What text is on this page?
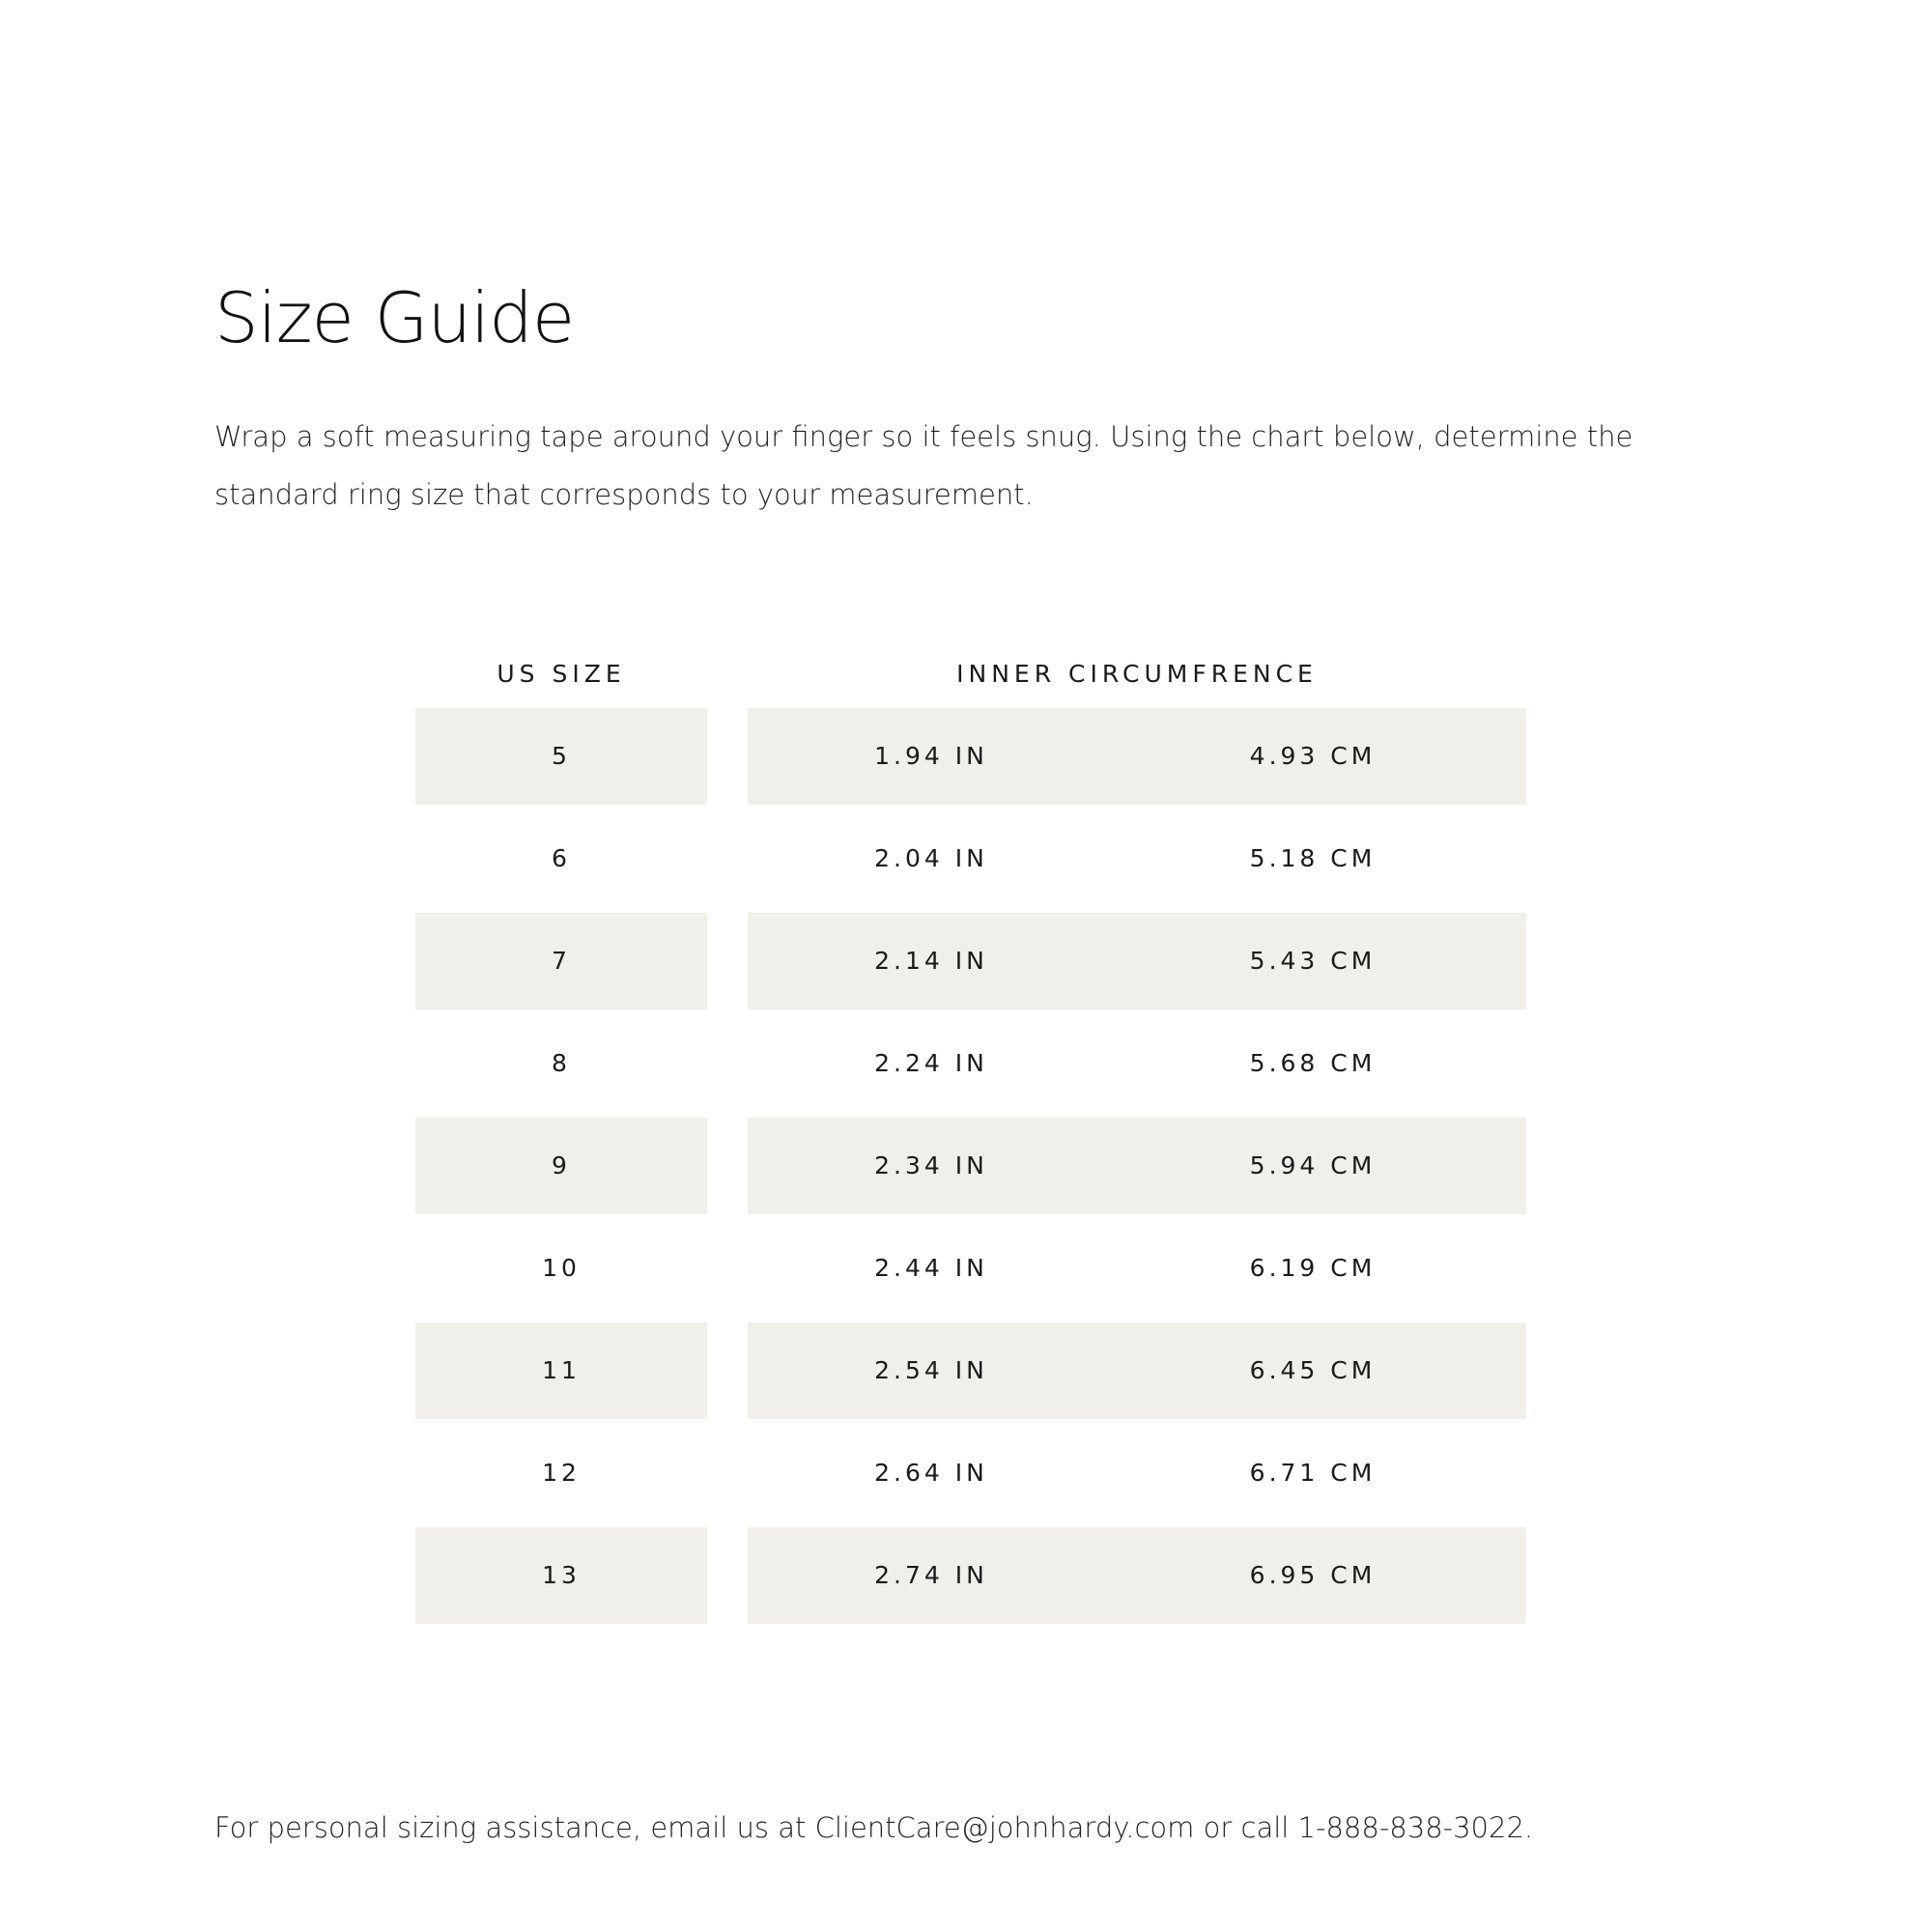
Size Guide

Wrap a soft measuring tape around your finger so it feels snug. Using the chart below, determine the standard ring size that corresponds to your measurement.

US SIZE	INNER CIRCUMFRENCE
5	1.94 IN	4.93 CM
6	2.04 IN	5.18 CM
7	2.14 IN	5.43 CM
8	2.24 IN	5.68 CM
9	2.34 IN	5.94 CM
10	2.44 IN	6.19 CM
11	2.54 IN	6.45 CM
12	2.64 IN	6.71 CM
13	2.74 IN	6.95 CM

For personal sizing assistance, email us at ClientCare@johnhardy.com or call 1-888-838-3022.
